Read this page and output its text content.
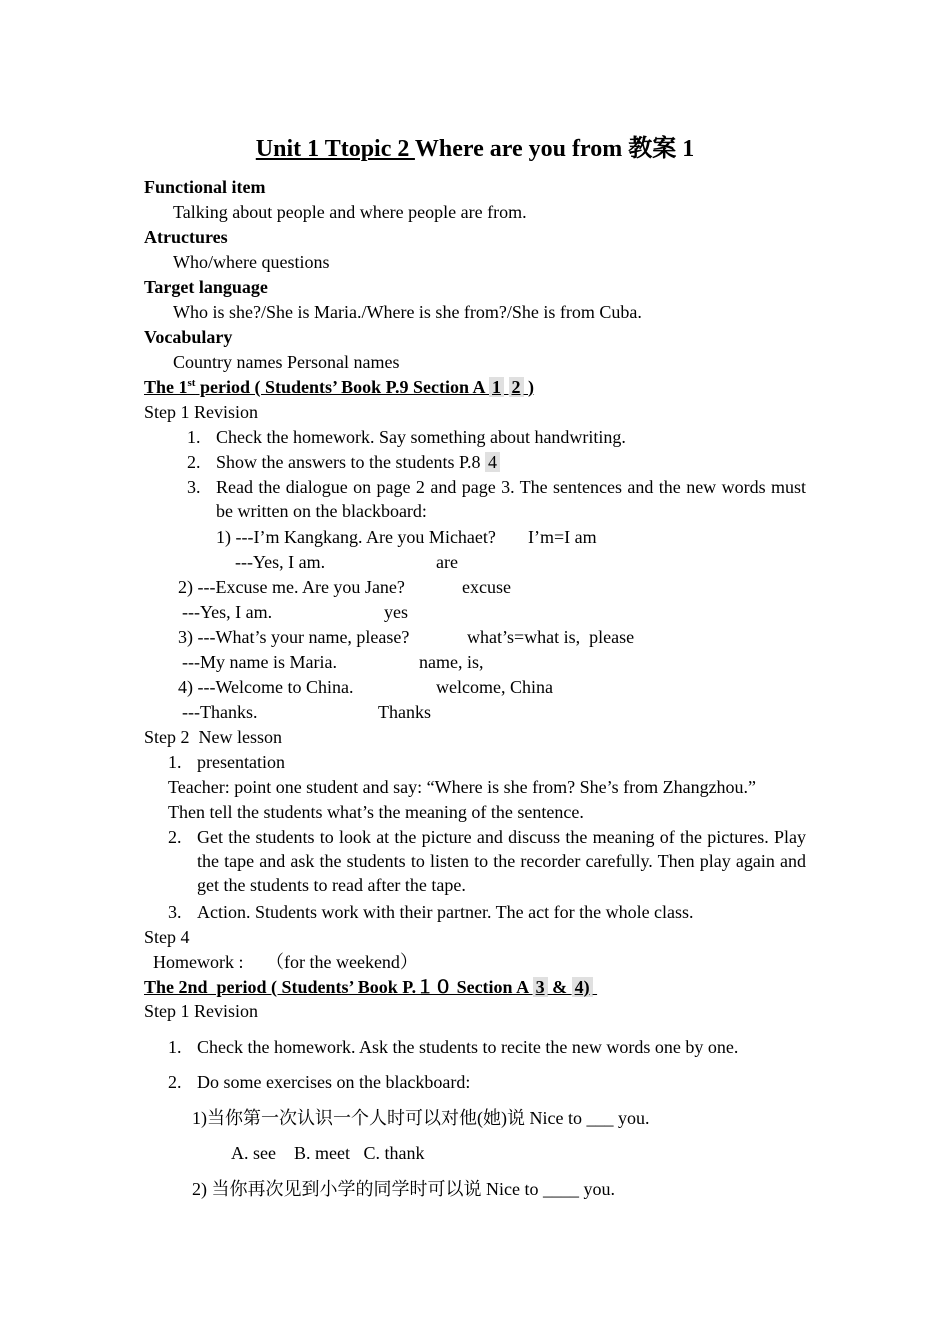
Unit 1 Ttopic 2 Where are you from 教案 1
Functional item
Talking about people and where people are from.
Atructures
Who/where questions
Target language
Who is she?/She is Maria./Where is she from?/She is from Cuba.
Vocabulary
Country names Personal names
The 1st period ( Students’ Book P.9 Section A 1 2 )
Step 1 Revision
1. Check the homework. Say something about handwriting.
2. Show the answers to the students P.8 4
3. Read the dialogue on page 2 and page 3. The sentences and the new words must be written on the blackboard:
1) ---I’m Kangkang. Are you Michaet? I’m=I am
---Yes, I am.	are
2) ---Excuse me. Are you Jane?	excuse
---Yes, I am.	yes
3) ---What’s your name, please?	what’s=what is,  please
---My name is Maria.	name, is,
4) ---Welcome to China.	welcome, China
---Thanks.	Thanks
Step 2  New lesson
1. presentation
Teacher: point one student and say: “Where is she from? She’s from Zhangzhou.”
Then tell the students what’s the meaning of the sentence.
2. Get the students to look at the picture and discuss the meaning of the pictures. Play the tape and ask the students to listen to the recorder carefully. Then play again and get the students to read after the tape.
3. Action. Students work with their partner. The act for the whole class.
Step 4
Homework :     （for the weekend）
The 2nd  period ( Students’ Book P.１０ Section A 3 & 4)
Step 1 Revision
1. Check the homework. Ask the students to recite the new words one by one.
2. Do some exercises on the blackboard:
1)当你第一次认识一个人时可以对他(她)说 Nice to ___ you.
A. see    B. meet   C. thank
2) 当你再次见到小学的同学时可以说 Nice to ____ you.
